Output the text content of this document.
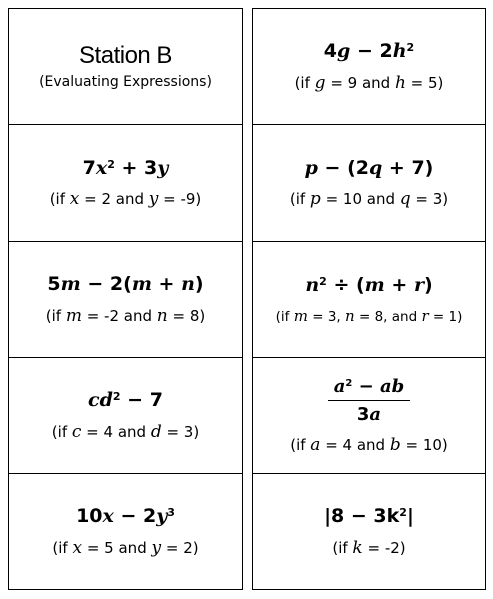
Station B
(Evaluating Expressions)
$4g - 2h^2$
(if g = 9 and h = 5)
$7x^2 + 3y$
(if x = 2 and y = -9)
p − (2q + 7)
(if p = 10 and q = 3)
5m − 2(m + n)
(if m = -2 and n = 8)
$n^2 \div (m + r)$
(if m = 3, n = 8, and r = 1)
$cd^2 - 7$
(if c = 4 and d = 3)
$\frac{a^2 - ab}{3a}$
(if a = 4 and b = 10)
$10x - 2y^3$
(if x = 5 and y = 2)
$|8 - 3k^2|$
(if k = -2)
